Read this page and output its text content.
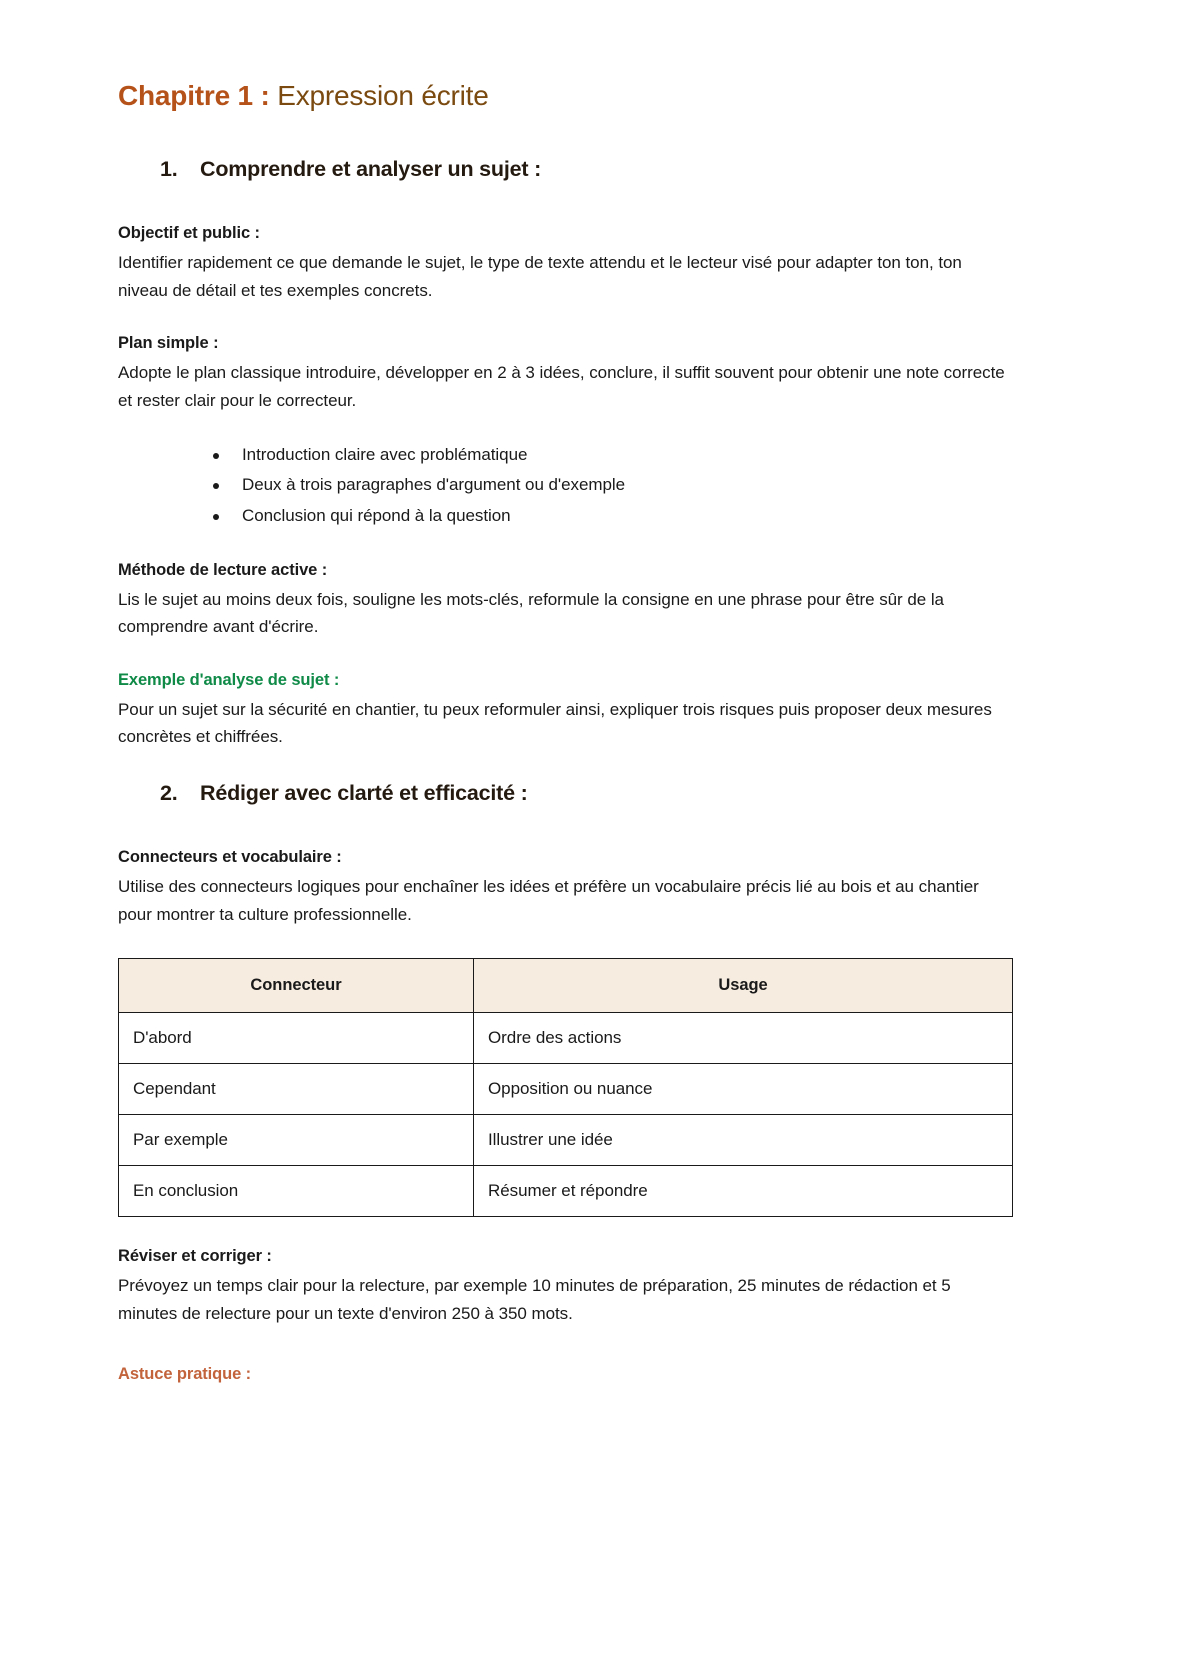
Chapitre 1 : Expression écrite
1.	Comprendre et analyser un sujet :
Objectif et public :

Identifier rapidement ce que demande le sujet, le type de texte attendu et le lecteur visé pour adapter ton ton, ton niveau de détail et tes exemples concrets.

Plan simple :

Adopte le plan classique introduire, développer en 2 à 3 idées, conclure, il suffit souvent pour obtenir une note correcte et rester clair pour le correcteur.

Introduction claire avec problématique
Deux à trois paragraphes d'argument ou d'exemple
Conclusion qui répond à la question
Méthode de lecture active :

Lis le sujet au moins deux fois, souligne les mots-clés, reformule la consigne en une phrase pour être sûr de la comprendre avant d'écrire.

Exemple d'analyse de sujet :

Pour un sujet sur la sécurité en chantier, tu peux reformuler ainsi, expliquer trois risques puis proposer deux mesures concrètes et chiffrées.

2.	Rédiger avec clarté et efficacité :
Connecteurs et vocabulaire :

Utilise des connecteurs logiques pour enchaîner les idées et préfère un vocabulaire précis lié au bois et au chantier pour montrer ta culture professionnelle.

Connecteur	Usage
D'abord	Ordre des actions
Cependant	Opposition ou nuance
Par exemple	Illustrer une idée
En conclusion	Résumer et répondre
Réviser et corriger :

Prévoyez un temps clair pour la relecture, par exemple 10 minutes de préparation, 25 minutes de rédaction et 5 minutes de relecture pour un texte d'environ 250 à 350 mots.

Astuce pratique :
